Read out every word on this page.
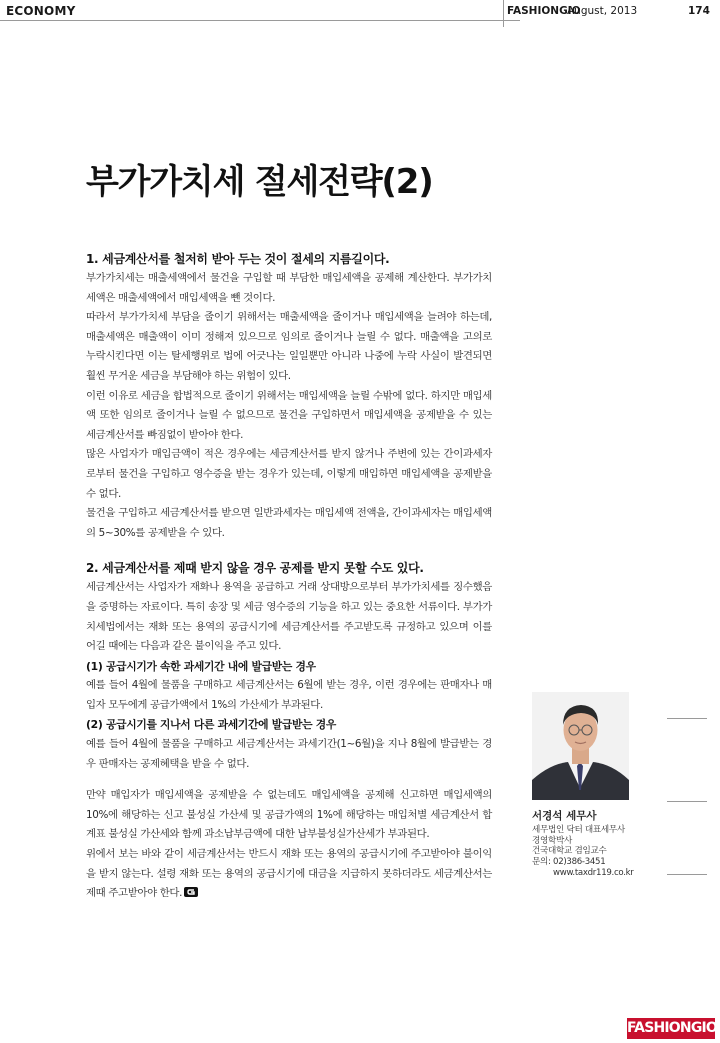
ECONOMY	FASHIONGIO
August, 2013	174
부가가치세 절세전략(2)

1. 세금계산서를 철저히 받아 두는 것이 절세의 지름길이다.

부가가치세는 매출세액에서 물건을 구입할 때 부담한 매입세액을 공제해 계산한다. 부가가치세액은 매출세액에서 매입세액을 뺀 것이다.

따라서 부가가치세 부담을 줄이기 위해서는 매출세액을 줄이거나 매입세액을 늘려야 하는데, 매출세액은 매출액이 이미 정해져 있으므로 임의로 줄이거나 늘릴 수 없다. 매출액을 고의로 누락시킨다면 이는 탈세행위로 법에 어긋나는 일일뿐만 아니라 나중에 누락 사실이 발견되면 훨씬 무거운 세금을 부담해야 하는 위험이 있다.

이런 이유로 세금을 합법적으로 줄이기 위해서는 매입세액을 늘릴 수밖에 없다. 하지만 매입세액 또한 임의로 줄이거나 늘릴 수 없으므로 물건을 구입하면서 매입세액을 공제받을 수 있는 세금계산서를 빠짐없이 받아야 한다.

많은 사업자가 매입금액이 적은 경우에는 세금계산서를 받지 않거나 주변에 있는 간이과세자로부터 물건을 구입하고 영수증을 받는 경우가 있는데, 이렇게 매입하면 매입세액을 공제받을 수 없다.

물건을 구입하고 세금계산서를 받으면 일반과세자는 매입세액 전액을, 간이과세자는 매입세액의 5~30%를 공제받을 수 있다.

2. 세금계산서를 제때 받지 않을 경우 공제를 받지 못할 수도 있다.

세금계산서는 사업자가 재화나 용역을 공급하고 거래 상대방으로부터 부가가치세를 징수했음을 증명하는 자료이다. 특히 송장 및 세금 영수증의 기능을 하고 있는 중요한 서류이다. 부가가치세법에서는 재화 또는 용역의 공급시기에 세금계산서를 주고받도록 규정하고 있으며 이를 어길 때에는 다음과 같은 불이익을 주고 있다.

(1) 공급시기가 속한 과세기간 내에 발급받는 경우

예를 들어 4월에 물품을 구매하고 세금계산서는 6월에 받는 경우, 이런 경우에는 판매자나 매입자 모두에게 공급가액에서 1%의 가산세가 부과된다.

(2) 공급시기를 지나서 다른 과세기간에 발급받는 경우

예를 들어 4월에 물품을 구매하고 세금계산서는 과세기간(1~6월)을 지나 8월에 발급받는 경우 판매자는 공제혜택을 받을 수 없다.

만약 매입자가 매입세액을 공제받을 수 없는데도 매입세액을 공제해 신고하면 매입세액의 10%에 해당하는 신고 불성실 가산세 및 공급가액의 1%에 해당하는 매입처별 세금계산서 합계표 불성실 가산세와 함께 과소납부금액에 대한 납부불성실가산세가 부과된다.

위에서 보는 바와 같이 세금계산서는 반드시 재화 또는 용역의 공급시기에 주고받아야 불이익을 받지 않는다. 설령 재화 또는 용역의 공급시기에 대금을 지급하지 못하더라도 세금계산서는 제때 주고받아야 한다.

서경석 세무사
세무법인 닥터 대표세무사
경영학박사
건국대학교 겸임교수
문의: 02)386-3451
www.taxdr119.co.kr
FASHIONGIO
